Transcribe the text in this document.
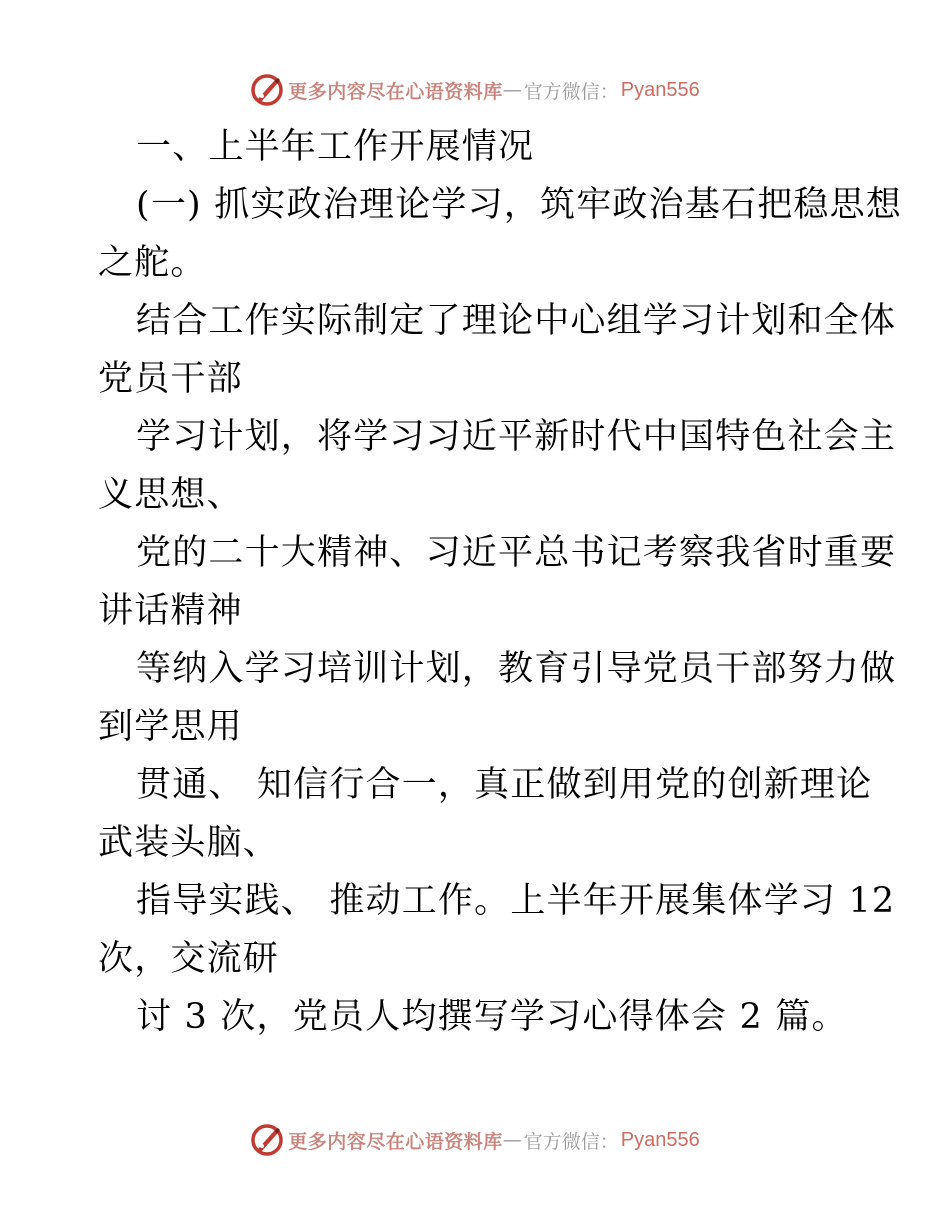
更多内容尽在心语资料库 — 官方微信： Pyan556
一、上半年工作开展情况
(一) 抓实政治理论学习，筑牢政治基石把稳思想
之舵。
结合工作实际制定了理论中心组学习计划和全体
党员干部
学习计划，将学习习近平新时代中国特色社会主
义思想、
党的二十大精神、习近平总书记考察我省时重要
讲话精神
等纳入学习培训计划，教育引导党员干部努力做
到学思用
贯通、 知信行合一，真正做到用党的创新理论
武装头脑、
指导实践、 推动工作。上半年开展集体学习 12
次，交流研
讨 3 次，党员人均撰写学习心得体会 2 篇。
更多内容尽在心语资料库 — 官方微信： Pyan556
